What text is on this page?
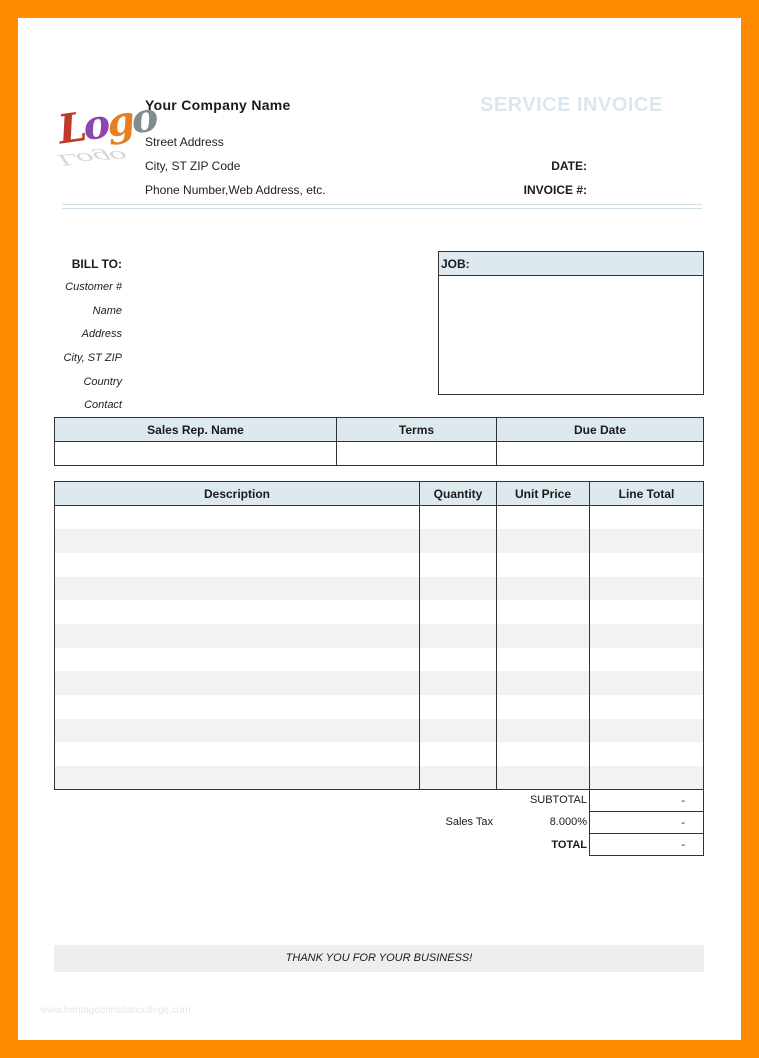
Logo
Logo
Your Company Name
Street Address
City, ST ZIP Code
Phone Number,Web Address, etc.
SERVICE INVOICE
DATE:
INVOICE #:
BILL TO:
Customer #
Name
Address
City, ST ZIP
Country
Contact
JOB:
Sales Rep. Name	Terms	Due Date

Description	Quantity	Unit Price	Line Total

SUBTOTAL	-
Sales Tax	8.000%	-
TOTAL	-
THANK YOU FOR YOUR BUSINESS!
www.heritagechristiancollege.com
